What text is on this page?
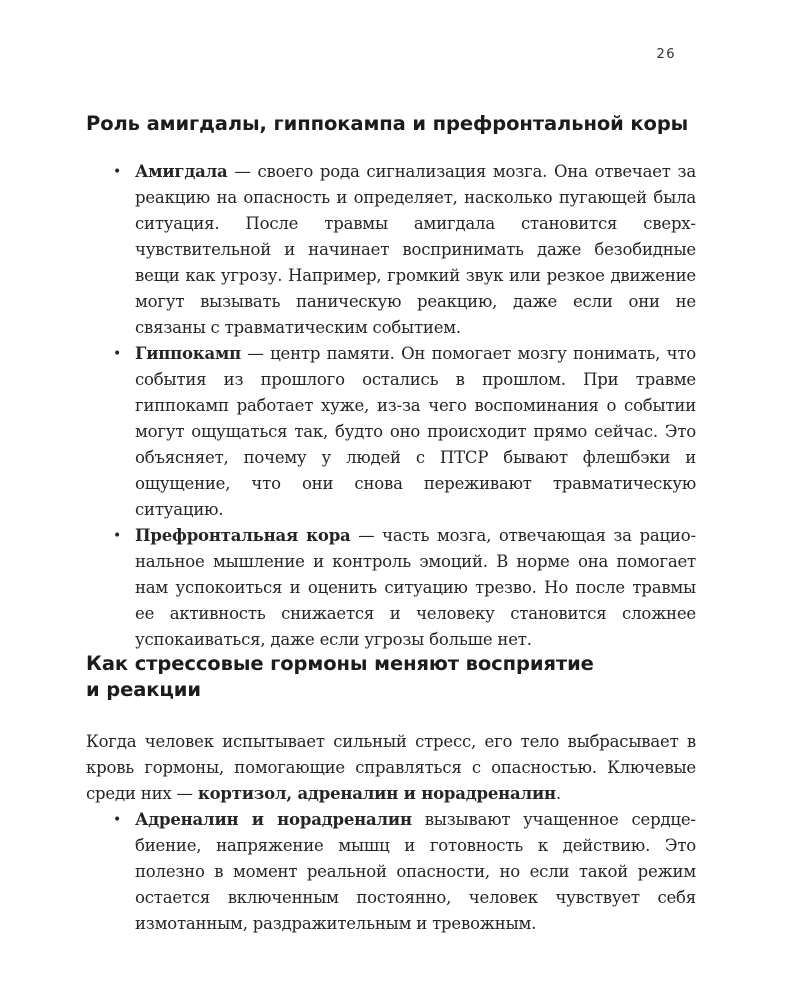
26
Роль амигдалы, гиппокампа и префронтальной коры
• Амигдала — своего рода сигнализация мозга. Она отвечает за реакцию на опасность и определяет, насколько пугающей была ситуация. После травмы амигдала становится сверхчувствительной и начинает воспринимать даже безобидные вещи как угрозу. Например, громкий звук или резкое движение могут вызывать паническую реакцию, даже если они не связаны с травматическим событием.
• Гиппокамп — центр памяти. Он помогает мозгу понимать, что события из прошлого остались в прошлом. При травме гиппокамп работает хуже, из-за чего воспоминания о событии могут ощущаться так, будто оно происходит прямо сейчас. Это объясняет, почему у людей с ПТСР бывают флешбэки и ощущение, что они снова переживают травматическую ситуацию.
• Префронтальная кора — часть мозга, отвечающая за рациональное мышление и контроль эмоций. В норме она помогает нам успокоиться и оценить ситуацию трезво. Но после травмы ее активность снижается и человеку становится сложнее успокаиваться, даже если угрозы больше нет.
Как стрессовые гормоны меняют восприятие
и реакции

Когда человек испытывает сильный стресс, его тело выбрасывает в кровь гормоны, помогающие справляться с опасностью. Ключевые среди них — кортизол, адреналин и норадреналин.

• Адреналин и норадреналин вызывают учащенное сердцебиение, напряжение мышц и готовность к действию. Это полезно в момент реальной опасности, но если такой режим остается включенным постоянно, человек чувствует себя измотанным, раздражительным и тревожным.
